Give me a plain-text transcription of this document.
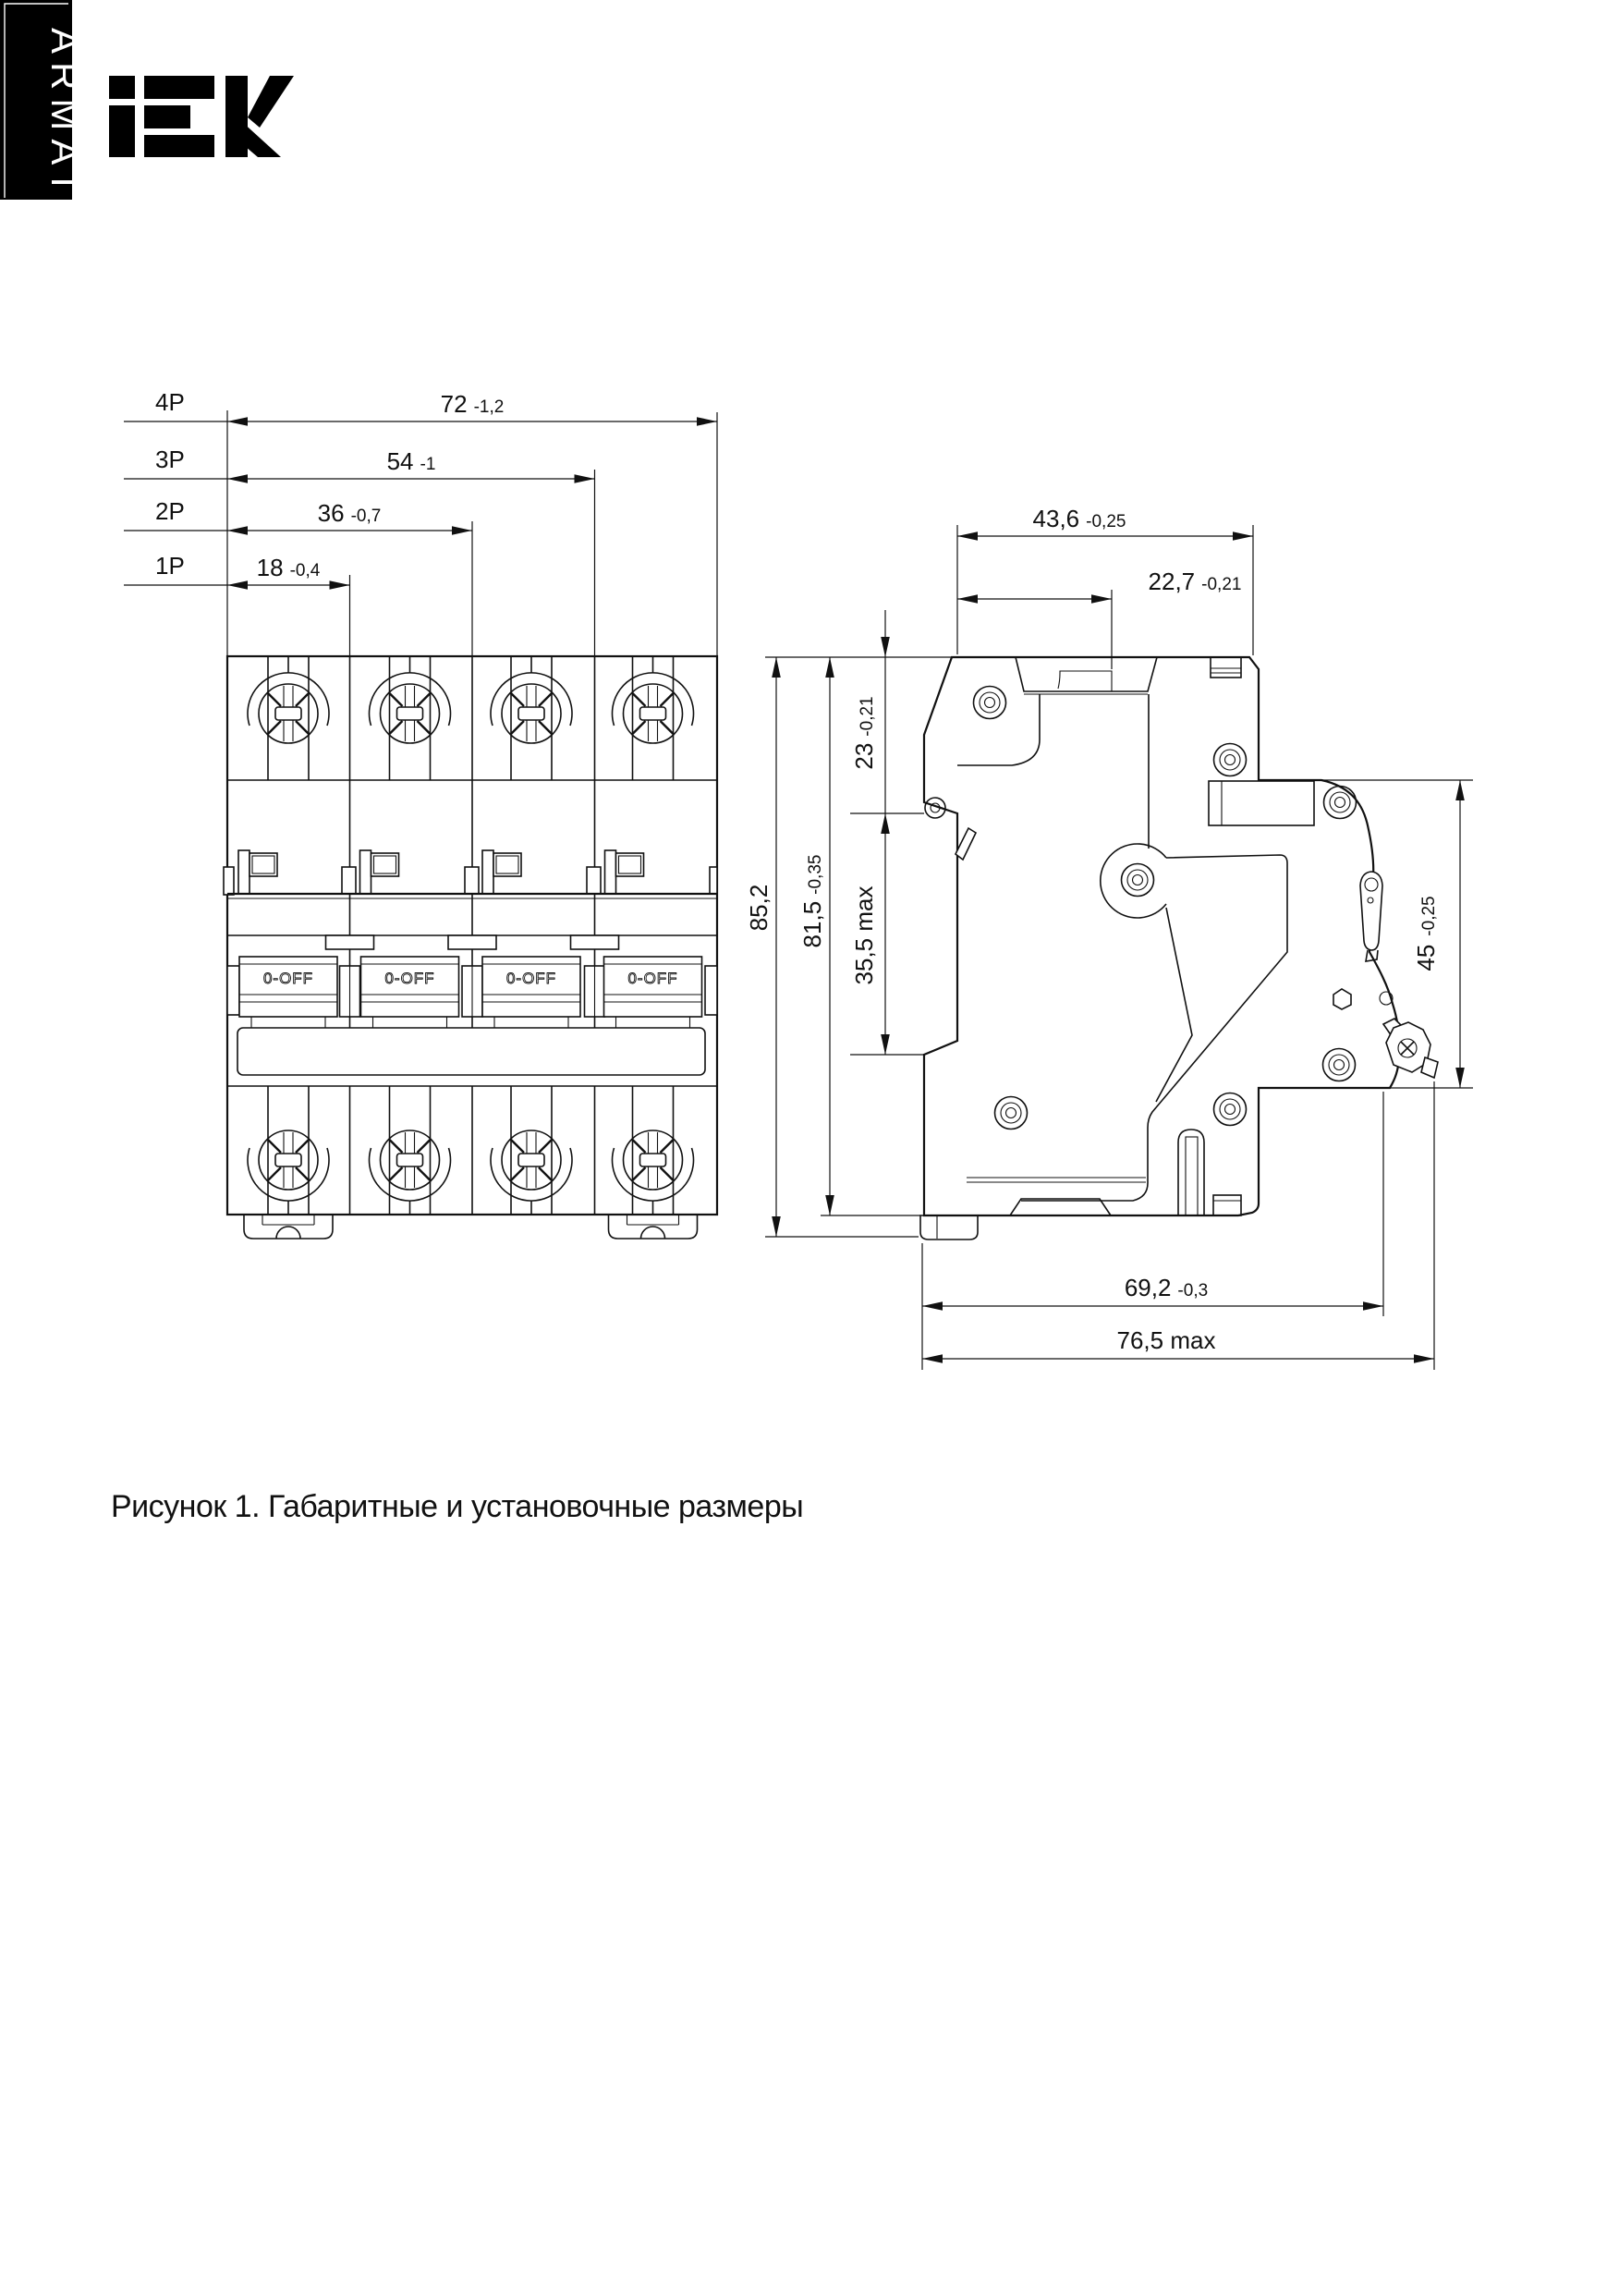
ARMAT
0-OFF	0-OFF	0-OFF	0-OFF
4P	72 -1,2
3P	54 -1
2P	36 -0,7
1P	18 -0,4
43,6 -0,25
22,7 -0,21
85,2 81,5-0,35
23-0,21
35,5 max	45-0,25
69,2 -0,3
76,5 max
Рисунок 1. Габаритные и установочные размеры
